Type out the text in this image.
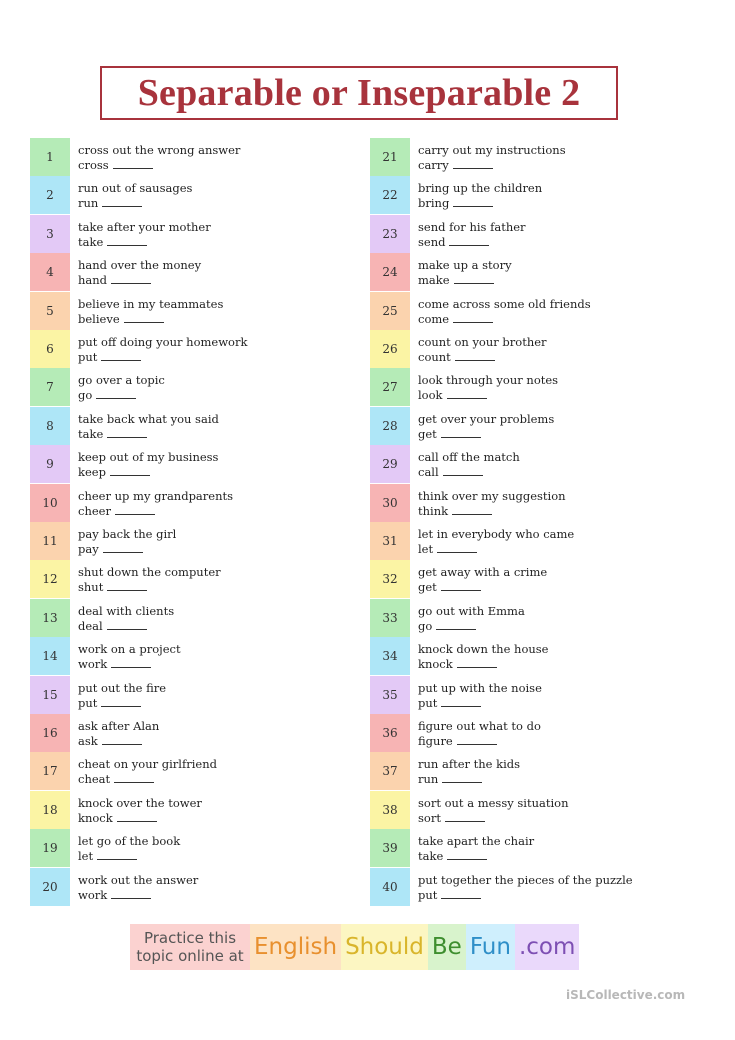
Separable or Inseparable 2
1	cross out the wrong answer
cross
2	run out of sausages
run
3	take after your mother
take
4	hand over the money
hand
5	believe in my teammates
believe
6	put off doing your homework
put
7	go over a topic
go
8	take back what you said
take
9	keep out of my business
keep
10	cheer up my grandparents
cheer
11	pay back the girl
pay
12	shut down the computer
shut
13	deal with clients
deal
14	work on a project
work
15	put out the fire
put
16	ask after Alan
ask
17	cheat on your girlfriend
cheat
18	knock over the tower
knock
19	let go of the book
let
20	work out the answer
work
21	carry out my instructions
carry
22	bring up the children
bring
23	send for his father
send
24	make up a story
make
25	come across some old friends
come
26	count on your brother
count
27	look through your notes
look
28	get over your problems
get
29	call off the match
call
30	think over my suggestion
think
31	let in everybody who came
let
32	get away with a crime
get
33	go out with Emma
go
34	knock down the house
knock
35	put up with the noise
put
36	figure out what to do
figure
37	run after the kids
run
38	sort out a messy situation
sort
39	take apart the chair
take
40	put together the pieces of the puzzle
put
Practice this
topic online at English Should Be Fun .com
iSLCollective.com
